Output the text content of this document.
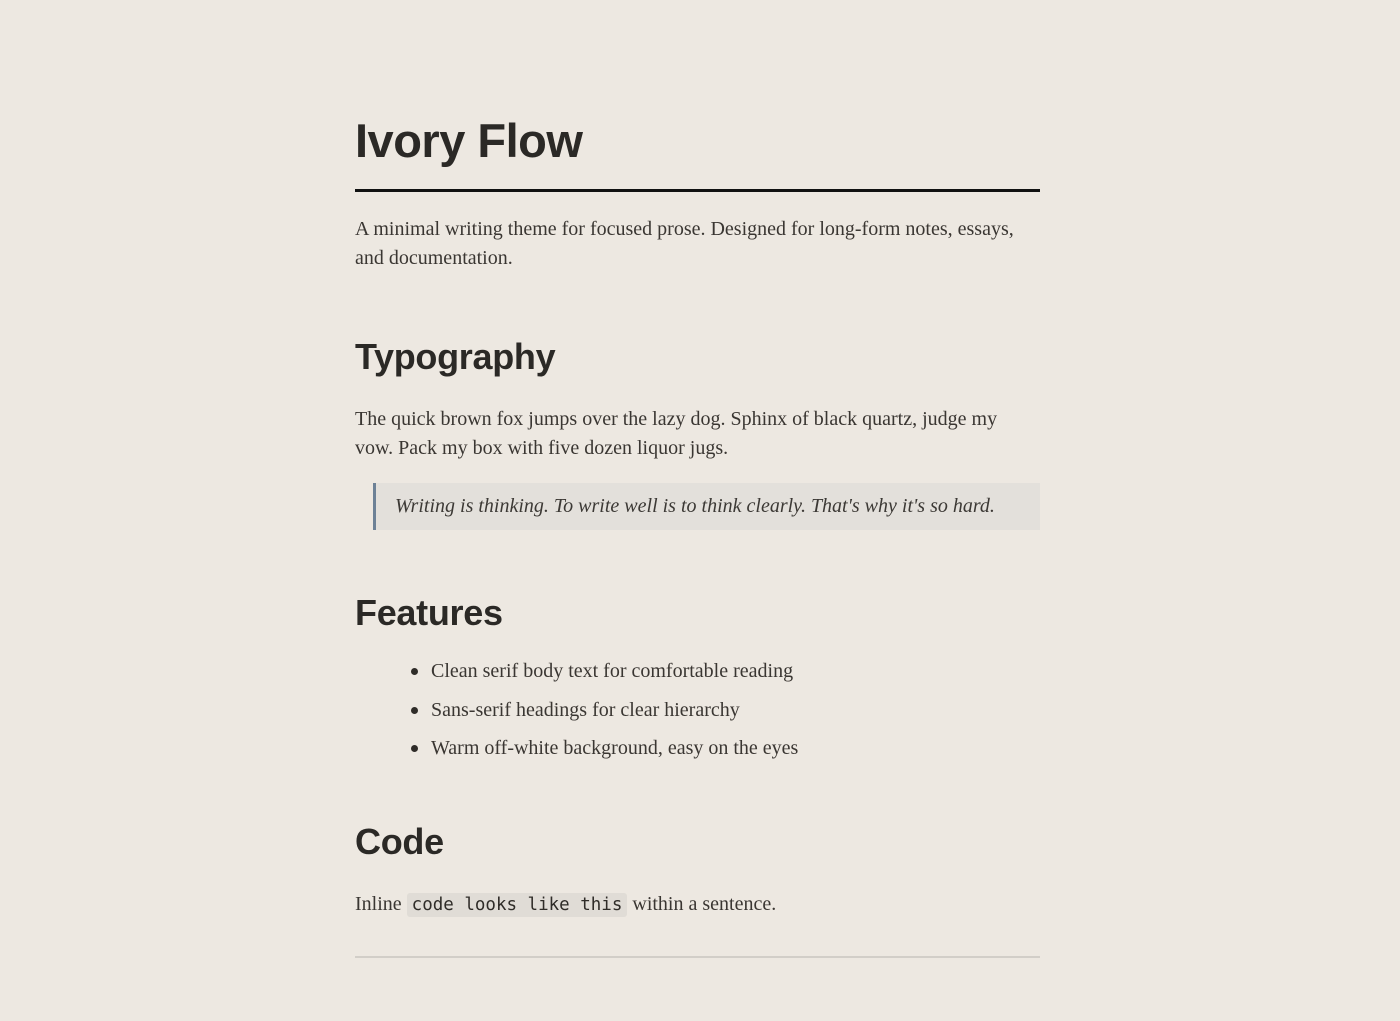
Ivory Flow

A minimal writing theme for focused prose. Designed for long-form notes, essays, and documentation.

Typography

The quick brown fox jumps over the lazy dog. Sphinx of black quartz, judge my vow. Pack my box with five dozen liquor jugs.

Writing is thinking. To write well is to think clearly. That's why it's so hard.
Features
Clean serif body text for comfortable reading
Sans-serif headings for clear hierarchy
Warm off-white background, easy on the eyes
Code

Inline code looks like this within a sentence.
